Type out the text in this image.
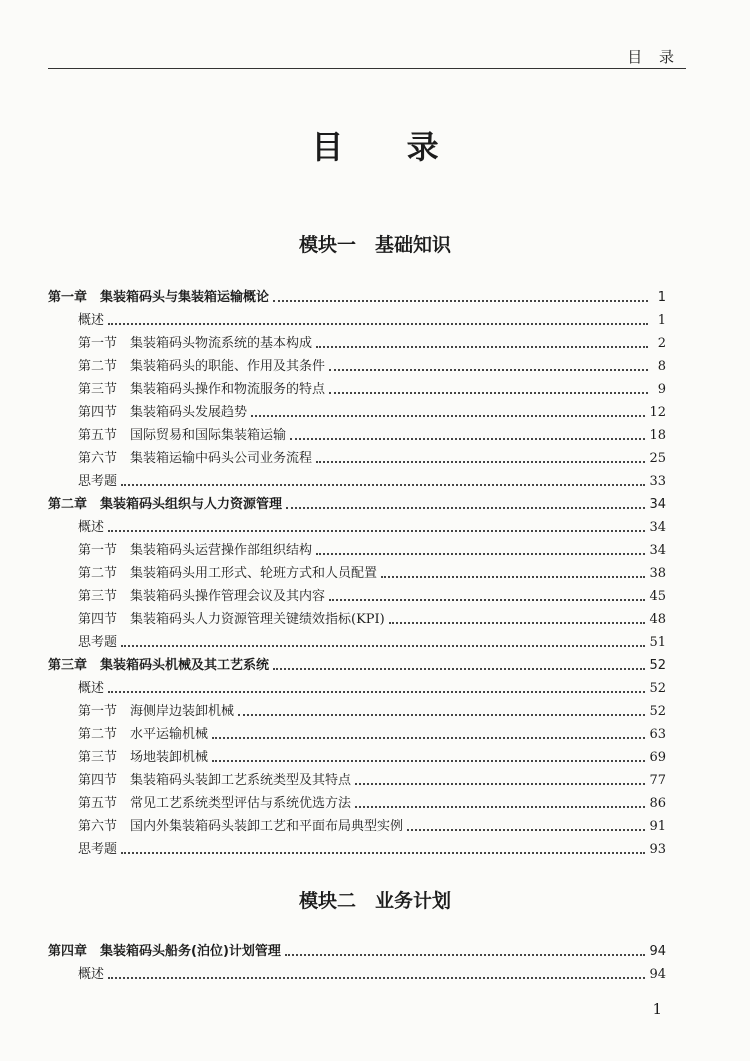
目 录
目 录
模块一　基础知识
第一章　集装箱码头与集装箱运输概论	1
概述	1
第一节　集装箱码头物流系统的基本构成	2
第二节　集装箱码头的职能、作用及其条件	8
第三节　集装箱码头操作和物流服务的特点	9
第四节　集装箱码头发展趋势	12
第五节　国际贸易和国际集装箱运输	18
第六节　集装箱运输中码头公司业务流程	25
思考题	33
第二章　集装箱码头组织与人力资源管理	34
概述	34
第一节　集装箱码头运营操作部组织结构	34
第二节　集装箱码头用工形式、轮班方式和人员配置	38
第三节　集装箱码头操作管理会议及其内容	45
第四节　集装箱码头人力资源管理关键绩效指标(KPI)	48
思考题	51
第三章　集装箱码头机械及其工艺系统	52
概述	52
第一节　海侧岸边装卸机械	52
第二节　水平运输机械	63
第三节　场地装卸机械	69
第四节　集装箱码头装卸工艺系统类型及其特点	77
第五节　常见工艺系统类型评估与系统优选方法	86
第六节　国内外集装箱码头装卸工艺和平面布局典型实例	91
思考题	93
模块二　业务计划
第四章　集装箱码头船务(泊位)计划管理	94
概述	94
1
